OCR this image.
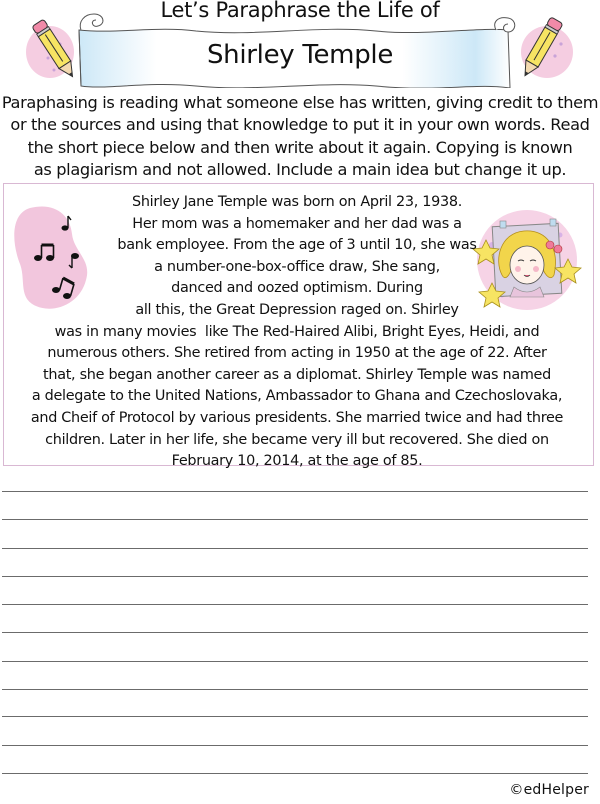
Let’s Paraphrase the Life of
Shirley Temple
Paraphasing is reading what someone else has written, giving credit to them
or the sources and using that knowledge to put it in your own words. Read
the short piece below and then write about it again. Copying is known
as plagiarism and not allowed. Include a main idea but change it up.
Shirley Jane Temple was born on April 23, 1938.
Her mom was a homemaker and her dad was a
bank employee. From the age of 3 until 10, she was
a number-one-box-office draw, She sang,
danced and oozed optimism. During
all this, the Great Depression raged on. Shirley
was in many movies  like The Red-Haired Alibi, Bright Eyes, Heidi, and
numerous others. She retired from acting in 1950 at the age of 22. After
that, she began another career as a diplomat. Shirley Temple was named
a delegate to the United Nations, Ambassador to Ghana and Czechoslovaka,
and Cheif of Protocol by various presidents. She married twice and had three
children. Later in her life, she became very ill but recovered. She died on
February 10, 2014, at the age of 85.
©edHelper
